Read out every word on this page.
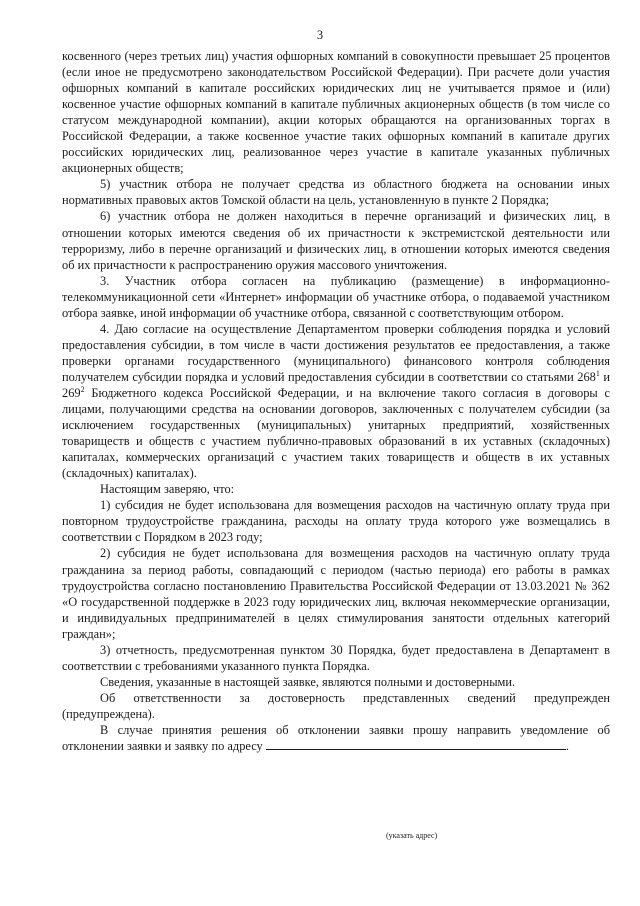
3

косвенного (через третьих лиц) участия офшорных компаний в совокупности превышает 25 процентов (если иное не предусмотрено законодательством Российской Федерации). При расчете доли участия офшорных компаний в капитале российских юридических лиц не учитывается прямое и (или) косвенное участие офшорных компаний в капитале публичных акционерных обществ (в том числе со статусом международной компании), акции которых обращаются на организованных торгах в Российской Федерации, а также косвенное участие таких офшорных компаний в капитале других российских юридических лиц, реализованное через участие в капитале указанных публичных акционерных обществ;

5) участник отбора не получает средства из областного бюджета на основании иных нормативных правовых актов Томской области на цель, установленную в пункте 2 Порядка;

6) участник отбора не должен находиться в перечне организаций и физических лиц, в отношении которых имеются сведения об их причастности к экстремистской деятельности или терроризму, либо в перечне организаций и физических лиц, в отношении которых имеются сведения об их причастности к распространению оружия массового уничтожения.

3. Участник отбора согласен на публикацию (размещение) в информационно-телекоммуникационной сети «Интернет» информации об участнике отбора, о подаваемой участником отбора заявке, иной информации об участнике отбора, связанной с соответствующим отбором.

4. Даю согласие на осуществление Департаментом проверки соблюдения порядка и условий предоставления субсидии, в том числе в части достижения результатов ее предоставления, а также проверки органами государственного (муниципального) финансового контроля соблюдения получателем субсидии порядка и условий предоставления субсидии в соответствии со статьями $268^1$ и $269^2$ Бюджетного кодекса Российской Федерации, и на включение такого согласия в договоры с лицами, получающими средства на основании договоров, заключенных с получателем субсидии (за исключением государственных (муниципальных) унитарных предприятий, хозяйственных товариществ и обществ с участием публично-правовых образований в их уставных (складочных) капиталах, коммерческих организаций с участием таких товариществ и обществ в их уставных (складочных) капиталах).

Настоящим заверяю, что:

1) субсидия не будет использована для возмещения расходов на частичную оплату труда при повторном трудоустройстве гражданина, расходы на оплату труда которого уже возмещались в соответствии с Порядком в 2023 году;

2) субсидия не будет использована для возмещения расходов на частичную оплату труда гражданина за период работы, совпадающий с периодом (частью периода) его работы в рамках трудоустройства согласно постановлению Правительства Российской Федерации от 13.03.2021 № 362 «О государственной поддержке в 2023 году юридических лиц, включая некоммерческие организации, и индивидуальных предпринимателей в целях стимулирования занятости отдельных категорий граждан»;

3) отчетность, предусмотренная пунктом 30 Порядка, будет предоставлена в Департамент в соответствии с требованиями указанного пункта Порядка.

Сведения, указанные в настоящей заявке, являются полными и достоверными.

Об ответственности за достоверность представленных сведений предупрежден (предупреждена).

В случае принятия решения об отклонении заявки прошу направить уведомление об отклонении заявки и заявку по адресу	.

(указать адрес)
